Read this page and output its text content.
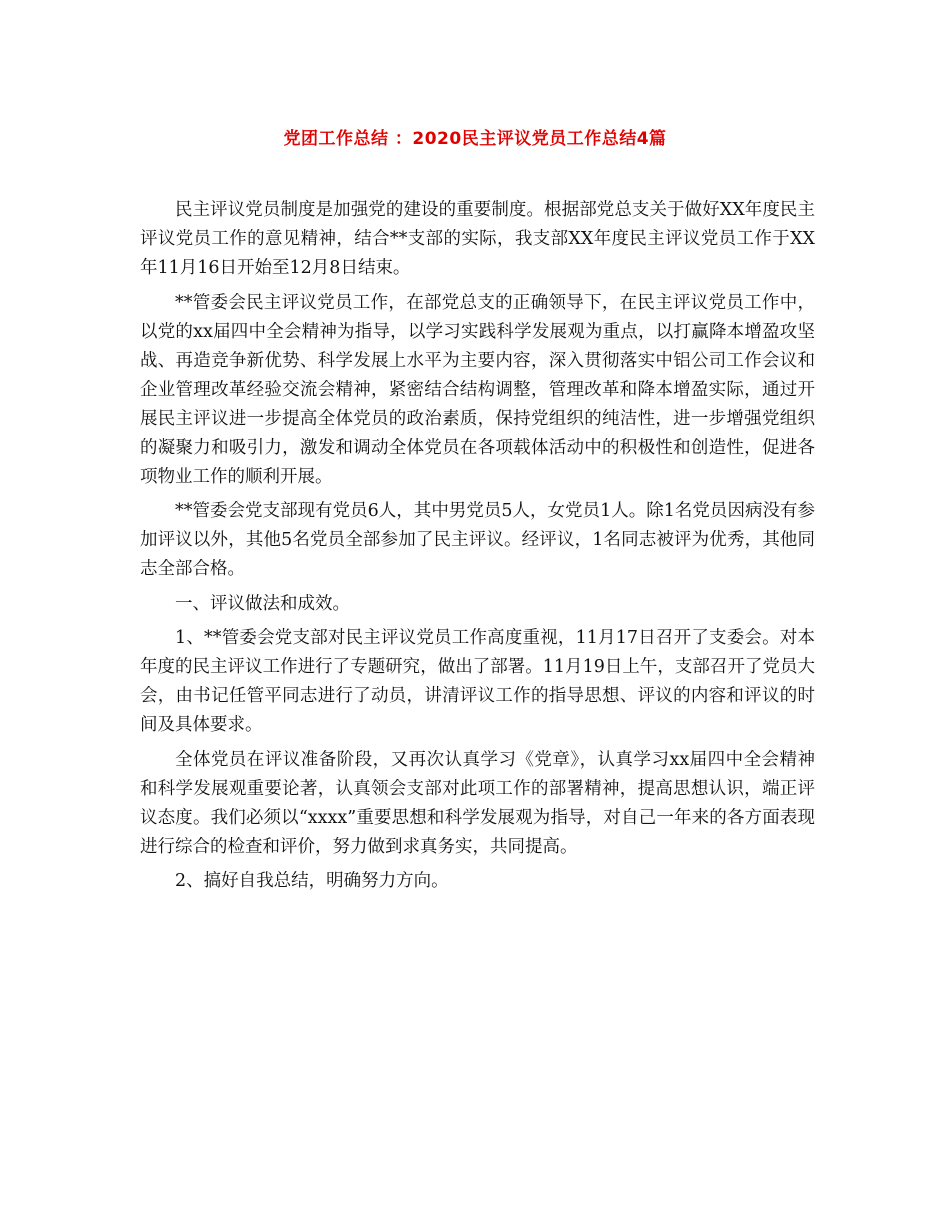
党团工作总结 ：2020民主评议党员工作总结4篇

民主评议党员制度是加强党的建设的重要制度。根据部党总支关于做好XX年度民主评议党员工作的意见精神，结合**支部的实际，我支部XX年度民主评议党员工作于XX年11月16日开始至12月8日结束。

**管委会民主评议党员工作，在部党总支的正确领导下，在民主评议党员工作中，以党的xx届四中全会精神为指导，以学习实践科学发展观为重点，以打赢降本增盈攻坚战、再造竞争新优势、科学发展上水平为主要内容，深入贯彻落实中铝公司工作会议和企业管理改革经验交流会精神，紧密结合结构调整，管理改革和降本增盈实际，通过开展民主评议进一步提高全体党员的政治素质，保持党组织的纯洁性，进一步增强党组织的凝聚力和吸引力，激发和调动全体党员在各项载体活动中的积极性和创造性，促进各项物业工作的顺利开展。

**管委会党支部现有党员6人，其中男党员5人，女党员1人。除1名党员因病没有参加评议以外，其他5名党员全部参加了民主评议。经评议，1名同志被评为优秀，其他同志全部合格。

一、评议做法和成效。

1、**管委会党支部对民主评议党员工作高度重视，11月17日召开了支委会。对本年度的民主评议工作进行了专题研究，做出了部署。11月19日上午，支部召开了党员大会，由书记任管平同志进行了动员，讲清评议工作的指导思想、评议的内容和评议的时间及具体要求。

全体党员在评议准备阶段，又再次认真学习《党章》，认真学习xx届四中全会精神和科学发展观重要论著，认真领会支部对此项工作的部署精神，提高思想认识，端正评议态度。我们必须以“xxxx”重要思想和科学发展观为指导，对自己一年来的各方面表现进行综合的检查和评价，努力做到求真务实，共同提高。

2、搞好自我总结，明确努力方向。
